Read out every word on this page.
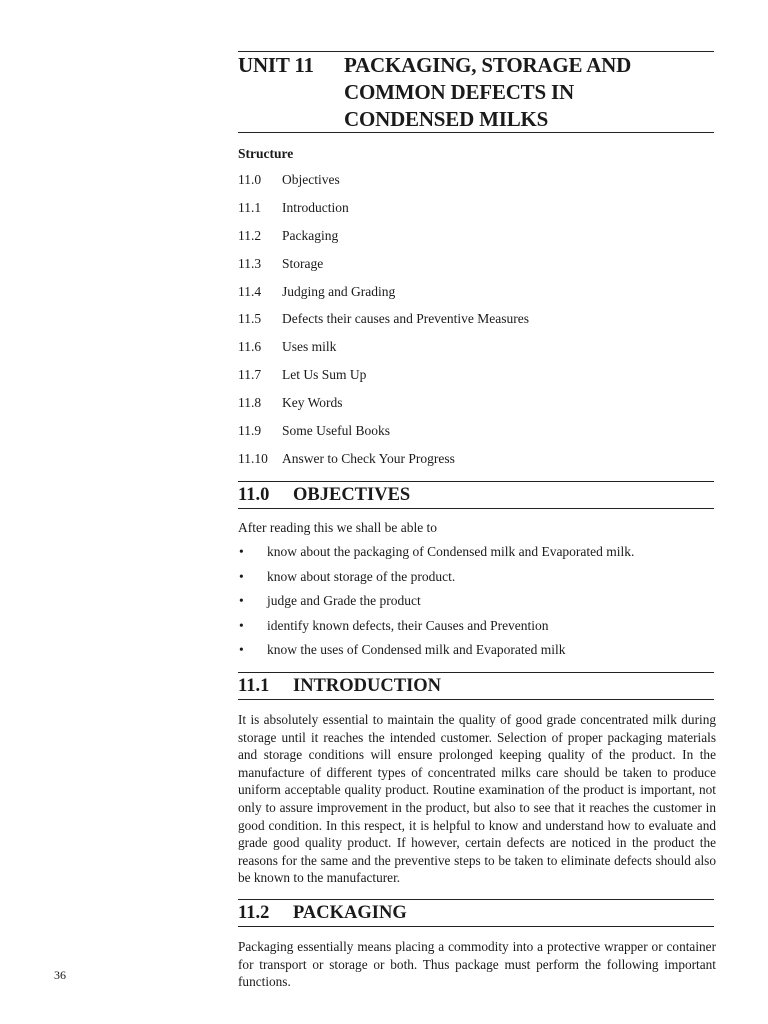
UNIT 11 PACKAGING, STORAGE AND
COMMON DEFECTS IN
CONDENSED MILKS
Structure
11.0 Objectives
11.1 Introduction
11.2 Packaging
11.3 Storage
11.4 Judging and Grading
11.5 Defects their causes and Preventive Measures
11.6 Uses milk
11.7 Let Us Sum Up
11.8 Key Words
11.9 Some Useful Books
11.10 Answer to Check Your Progress
11.0 OBJECTIVES
After reading this we shall be able to
• know about the packaging of Condensed milk and Evaporated milk.
• know about storage of the product.
• judge and Grade the product
• identify known defects, their Causes and Prevention
• know the uses of Condensed milk and Evaporated milk
11.1 INTRODUCTION
It is absolutely essential to maintain the quality of good grade concentrated milk during storage until it reaches the intended customer. Selection of proper packaging materials and storage conditions will ensure prolonged keeping quality of the product. In the manufacture of different types of concentrated milks care should be taken to produce uniform acceptable quality product. Routine examination of the product is important, not only to assure improvement in the product, but also to see that it reaches the customer in good condition. In this respect, it is helpful to know and understand how to evaluate and grade good quality product. If however, certain defects are noticed in the product the reasons for the same and the preventive steps to be taken to eliminate defects should also be known to the manufacturer.
11.2 PACKAGING
Packaging essentially means placing a commodity into a protective wrapper or container for transport or storage or both. Thus package must perform the following important functions.
36
